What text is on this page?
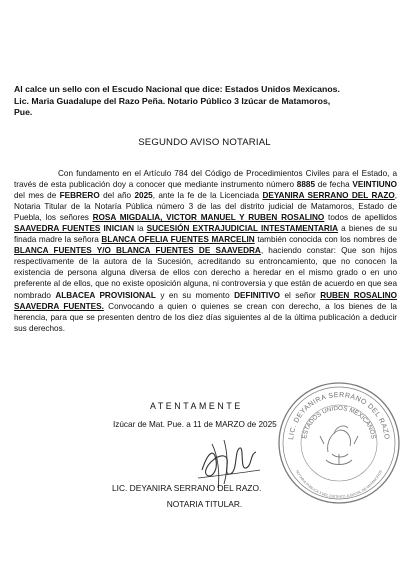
Al calce un sello con el Escudo Nacional que dice: Estados Unidos Mexicanos.
Lic. Maria Guadalupe del Razo Peña. Notario Público 3 Izúcar de Matamoros,
Pue.
SEGUNDO AVISO NOTARIAL

Con fundamento en el Artículo 784 del Código de Procedimientos Civiles para el Estado, a través de esta publicación doy a conocer que mediante instrumento número 8885 de fecha VEINTIUNO del mes de FEBRERO del año 2025, ante la fe de la Licenciada DEYANIRA SERRANO DEL RAZO, Notaria Titular de la Notaría Pública número 3 de las del distrito judicial de Matamoros, Estado de Puebla, los señores ROSA MIGDALIA, VICTOR MANUEL Y RUBEN ROSALINO todos de apellidos SAAVEDRA FUENTES INICIAN la SUCESIÓN EXTRAJUDICIAL INTESTAMENTARIA a bienes de su finada madre la señora BLANCA OFELIA FUENTES MARCELIN también conocida con los nombres de BLANCA FUENTES Y/O BLANCA FUENTES DE SAAVEDRA, haciendo constar: Que son hijos respectivamente de la autora de la Sucesión, acreditando su entroncamiento, que no conocen la existencia de persona alguna diversa de ellos con derecho a heredar en el mismo grado o en uno preferente al de ellos, que no existe oposición alguna, ni controversia y que están de acuerdo en que sea nombrado ALBACEA PROVISIONAL y en su momento DEFINITIVO el señor RUBEN ROSALINO SAAVEDRA FUENTES. Convocando a quien o quienes se crean con derecho, a los bienes de la herencia, para que se presenten dentro de los diez días siguientes al de la última publicación a deducir sus derechos.

ATENTAMENTE
Izúcar de Mat. Pue. a 11 de MARZO de 2025
LIC. DEYANIRA SERRANO DEL RAZO.
NOTARIA TITULAR.
LIC. DEYANIRA SERRANO DEL RAZO
ESTADOS UNIDOS MEXICANOS
NOTARIA PÚBLICA 3 DEL DISTRITO JUDICIAL DE MATAMOROS
